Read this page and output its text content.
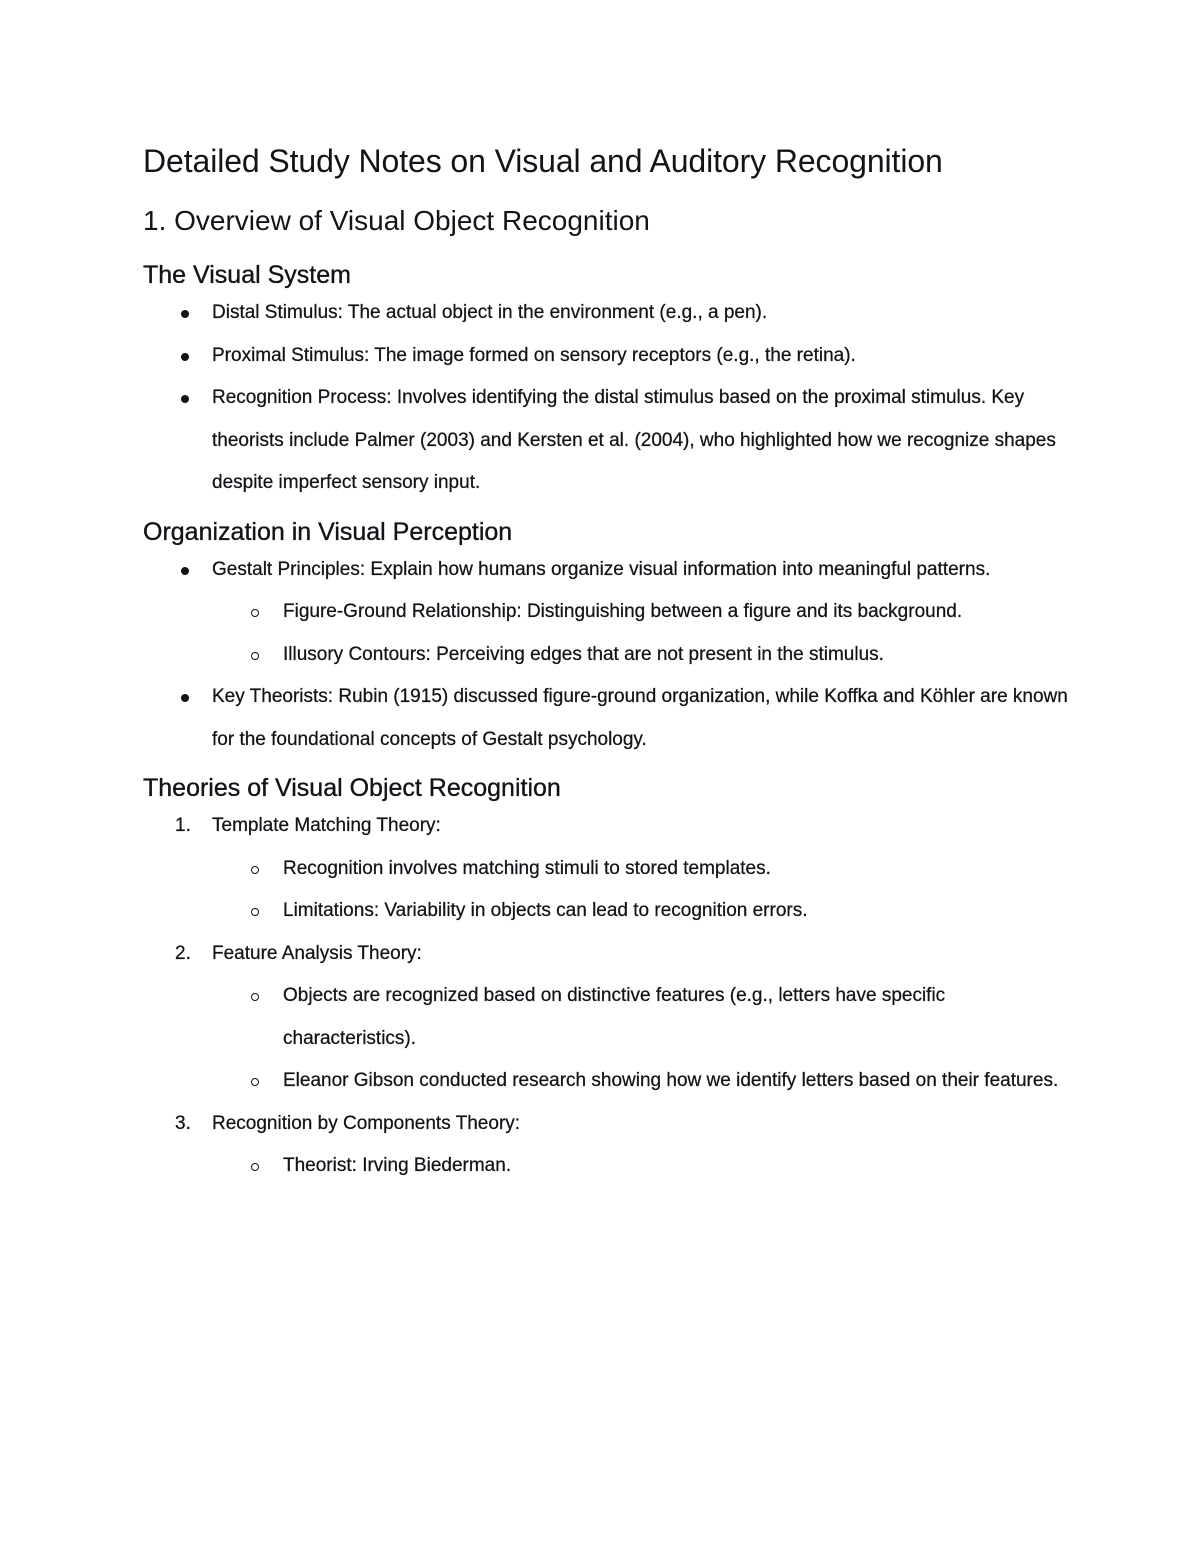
Detailed Study Notes on Visual and Auditory Recognition
1. Overview of Visual Object Recognition
The Visual System
Distal Stimulus: The actual object in the environment (e.g., a pen).
Proximal Stimulus: The image formed on sensory receptors (e.g., the retina).
Recognition Process: Involves identifying the distal stimulus based on the proximal stimulus. Key theorists include Palmer (2003) and Kersten et al. (2004), who highlighted how we recognize shapes despite imperfect sensory input.
Organization in Visual Perception
Gestalt Principles: Explain how humans organize visual information into meaningful patterns.
Figure-Ground Relationship: Distinguishing between a figure and its background.
Illusory Contours: Perceiving edges that are not present in the stimulus.
Key Theorists: Rubin (1915) discussed figure-ground organization, while Koffka and Köhler are known for the foundational concepts of Gestalt psychology.
Theories of Visual Object Recognition
1. Template Matching Theory:
Recognition involves matching stimuli to stored templates.
Limitations: Variability in objects can lead to recognition errors.
2. Feature Analysis Theory:
Objects are recognized based on distinctive features (e.g., letters have specific characteristics).
Eleanor Gibson conducted research showing how we identify letters based on their features.
3. Recognition by Components Theory:
Theorist: Irving Biederman.
